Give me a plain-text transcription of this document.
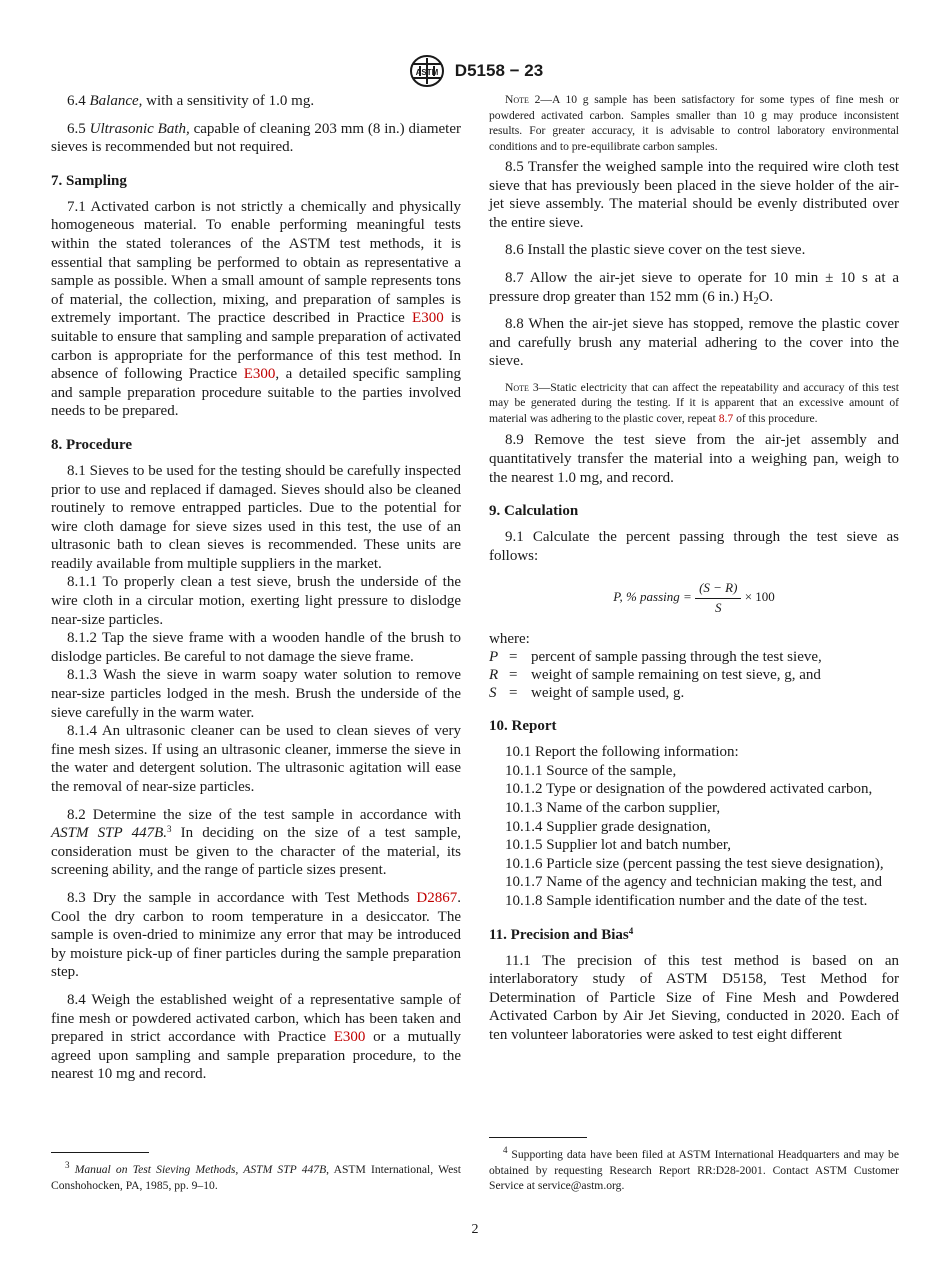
ASTM D5158 − 23

6.4 Balance, with a sensitivity of 1.0 mg.

6.5 Ultrasonic Bath, capable of cleaning 203 mm (8 in.) diameter sieves is recommended but not required.

7. Sampling

7.1 Activated carbon is not strictly a chemically and physically homogeneous material. To enable performing meaningful tests within the stated tolerances of the ASTM test methods, it is essential that sampling be performed to obtain as representative a sample as possible. When a small amount of sample represents tons of material, the collection, mixing, and preparation of samples is extremely important. The practice described in Practice E300 is suitable to ensure that sampling and sample preparation of activated carbon is appropriate for the performance of this test method. In absence of following Practice E300, a detailed specific sampling and sample preparation procedure suitable to the parties involved needs to be prepared.

8. Procedure

8.1 Sieves to be used for the testing should be carefully inspected prior to use and replaced if damaged. Sieves should also be cleaned routinely to remove entrapped particles. Due to the potential for wire cloth damage for sieve sizes used in this test, the use of an ultrasonic bath to clean sieves is recommended. These units are readily available from multiple suppliers in the market.

8.1.1 To properly clean a test sieve, brush the underside of the wire cloth in a circular motion, exerting light pressure to dislodge near-size particles.

8.1.2 Tap the sieve frame with a wooden handle of the brush to dislodge particles. Be careful to not damage the sieve frame.

8.1.3 Wash the sieve in warm soapy water solution to remove near-size particles lodged in the mesh. Brush the underside of the sieve carefully in the warm water.

8.1.4 An ultrasonic cleaner can be used to clean sieves of very fine mesh sizes. If using an ultrasonic cleaner, immerse the sieve in the water and detergent solution. The ultrasonic agitation will ease the removal of near-size particles.

8.2 Determine the size of the test sample in accordance with ASTM STP 447B.$^3$ In deciding on the size of a test sample, consideration must be given to the character of the material, its screening ability, and the range of particle sizes present.

8.3 Dry the sample in accordance with Test Methods D2867. Cool the dry carbon to room temperature in a desiccator. The sample is oven-dried to minimize any error that may be introduced by moisture pick-up of finer particles during the sample preparation step.

8.4 Weigh the established weight of a representative sample of fine mesh or powdered activated carbon, which has been taken and prepared in strict accordance with Practice E300 or a mutually agreed upon sampling and sample preparation procedure, to the nearest 10 mg and record.

$^3$ Manual on Test Sieving Methods, ASTM STP 447B, ASTM International, West Conshohocken, PA, 1985, pp. 9–10.

Note 2—A 10 g sample has been satisfactory for some types of fine mesh or powdered activated carbon. Samples smaller than 10 g may produce inconsistent results. For greater accuracy, it is advisable to control laboratory environmental conditions and to pre-equilibrate carbon samples.

8.5 Transfer the weighed sample into the required wire cloth test sieve that has previously been placed in the sieve holder of the air-jet sieve assembly. The material should be evenly distributed over the entire sieve.

8.6 Install the plastic sieve cover on the test sieve.

8.7 Allow the air-jet sieve to operate for 10 min ± 10 s at a pressure drop greater than 152 mm (6 in.) $H_2O$.

8.8 When the air-jet sieve has stopped, remove the plastic cover and carefully brush any material adhering to the cover into the sieve.

Note 3—Static electricity that can affect the repeatability and accuracy of this test may be generated during the testing. If it is apparent that an excessive amount of material was adhering to the plastic cover, repeat 8.7 of this procedure.

8.9 Remove the test sieve from the air-jet assembly and quantitatively transfer the material into a weighing pan, weigh to the nearest 1.0 mg, and record.

9. Calculation

9.1 Calculate the percent passing through the test sieve as follows:

P, % $passing = \frac{(S - R)}{S} \times 100$

where:

P	=	percent of sample passing through the test sieve,
R	=	weight of sample remaining on test sieve, g, and
S	=	weight of sample used, g.
10. Report

10.1 Report the following information:

10.1.1 Source of the sample,

10.1.2 Type or designation of the powdered activated carbon,

10.1.3 Name of the carbon supplier,

10.1.4 Supplier grade designation,

10.1.5 Supplier lot and batch number,

10.1.6 Particle size (percent passing the test sieve designation),

10.1.7 Name of the agency and technician making the test, and

10.1.8 Sample identification number and the date of the test.

11. Precision and Bias$^4$

11.1 The precision of this test method is based on an interlaboratory study of ASTM D5158, Test Method for Determination of Particle Size of Fine Mesh and Powdered Activated Carbon by Air Jet Sieving, conducted in 2020. Each of ten volunteer laboratories were asked to test eight different

$^4$ Supporting data have been filed at ASTM International Headquarters and may be obtained by requesting Research Report RR:D28-2001. Contact ASTM Customer Service at service@astm.org.
2
